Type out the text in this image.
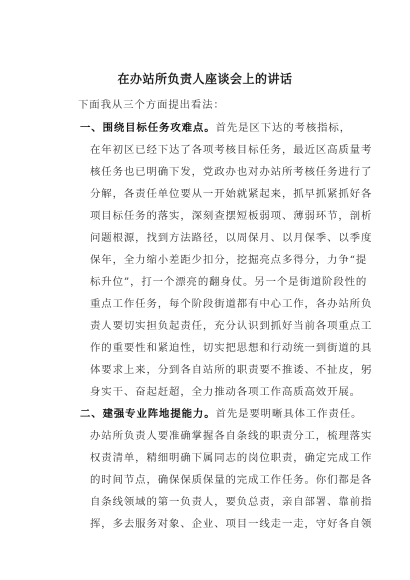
在办站所负责人座谈会上的讲话
下面我从三个方面提出看法：
一、围绕目标任务攻难点。首先是区下达的考核指标，
在年初区已经下达了各项考核目标任务，最近区高质量考
核任务也已明确下发，党政办也对办站所考核任务进行了
分解，各责任单位要从一开始就紧起来，抓早抓紧抓好各
项目标任务的落实，深刻查摆短板弱项、薄弱环节，剖析
问题根源，找到方法路径，以周保月、以月保季、以季度
保年，全力缩小差距少扣分，挖掘亮点多得分，力争“提
标升位”，打一个漂亮的翻身仗。另一个是街道阶段性的
重点工作任务，每个阶段街道都有中心工作，各办站所负
责人要切实担负起责任，充分认识到抓好当前各项重点工
作的重要性和紧迫性，切实把思想和行动统一到街道的具
体要求上来，分到各自站所的职责要不推诿、不扯皮，躬
身实干、奋起赶超，全力推动各项工作高质高效开展。
二、建强专业阵地提能力。首先是要明晰具体工作责任。
办站所负责人要准确掌握各自条线的职责分工，梳理落实
权责清单，精细明确下属同志的岗位职责，确定完成工作
的时间节点，确保保质保量的完成工作任务。你们都是各
自条线领域的第一负责人，要负总责，亲自部署、靠前指
挥，多去服务对象、企业、项目一线走一走，守好各自领
